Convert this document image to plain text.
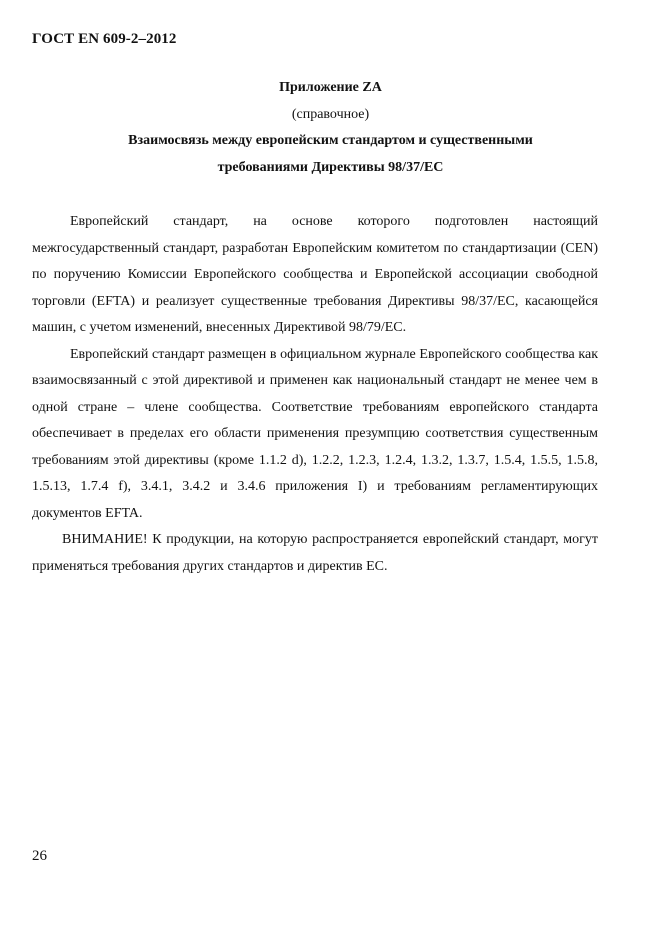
ГОСТ EN 609-2–2012
Приложение ZA
(справочное)
Взаимосвязь между европейским стандартом и существенными
требованиями Директивы 98/37/ЕС

Европейский стандарт, на основе которого подготовлен настоящий межгосударственный стандарт, разработан Европейским комитетом по стандартизации (CEN) по поручению Комиссии Европейского сообщества и Европейской ассоциации свободной торговли (EFTA) и реализует существенные требования Директивы 98/37/ЕС, касающейся машин, с учетом изменений, внесенных Директивой 98/79/ЕС.

Европейский стандарт размещен в официальном журнале Европейского сообщества как взаимосвязанный с этой директивой и применен как национальный стандарт не менее чем в одной стране – члене сообщества. Соответствие требованиям европейского стандарта обеспечивает в пределах его области применения презумпцию соответствия существенным требованиям этой директивы (кроме 1.1.2 d), 1.2.2, 1.2.3, 1.2.4, 1.3.2, 1.3.7, 1.5.4, 1.5.5, 1.5.8, 1.5.13, 1.7.4 f), 3.4.1, 3.4.2 и 3.4.6 приложения I) и требованиям регламентирующих документов EFTA.

ВНИМАНИЕ! К продукции, на которую распространяется европейский стандарт, могут применяться требования других стандартов и директив ЕС.

26
